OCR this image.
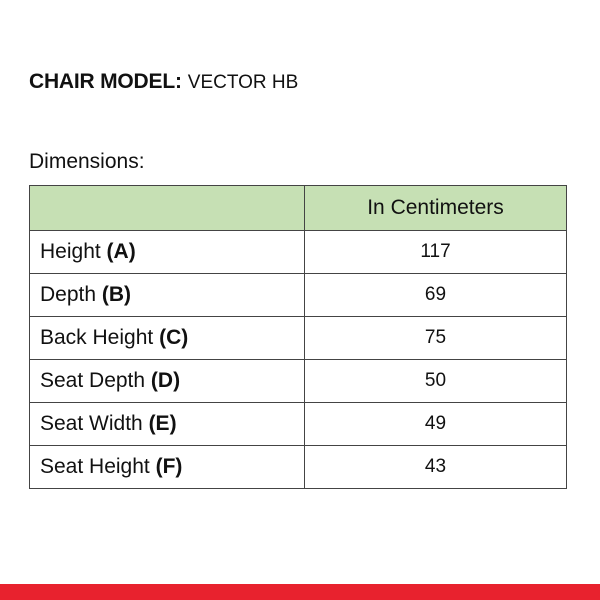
CHAIR MODEL: VECTOR HB
Dimensions:
	In Centimeters
Height (A)	117
Depth (B)	69
Back Height (C)	75
Seat Depth (D)	50
Seat Width (E)	49
Seat Height (F)	43
